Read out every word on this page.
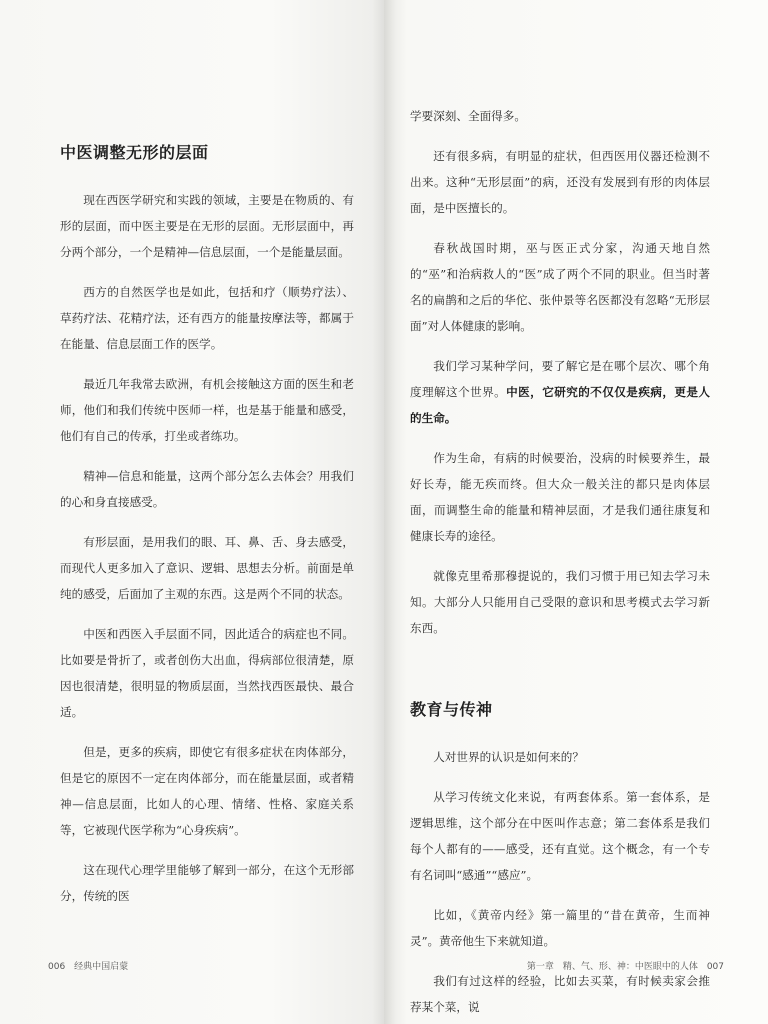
中医调整无形的层面

现在西医学研究和实践的领域，主要是在物质的、有形的层面，而中医主要是在无形的层面。无形层面中，再分两个部分，一个是精神—信息层面，一个是能量层面。

西方的自然医学也是如此，包括和疗（顺势疗法）、草药疗法、花精疗法，还有西方的能量按摩法等，都属于在能量、信息层面工作的医学。

最近几年我常去欧洲，有机会接触这方面的医生和老师，他们和我们传统中医师一样，也是基于能量和感受，他们有自己的传承，打坐或者练功。

精神—信息和能量，这两个部分怎么去体会？用我们的心和身直接感受。

有形层面，是用我们的眼、耳、鼻、舌、身去感受，而现代人更多加入了意识、逻辑、思想去分析。前面是单纯的感受，后面加了主观的东西。这是两个不同的状态。

中医和西医入手层面不同，因此适合的病症也不同。比如要是骨折了，或者创伤大出血，得病部位很清楚，原因也很清楚，很明显的物质层面，当然找西医最快、最合适。

但是，更多的疾病，即使它有很多症状在肉体部分，但是它的原因不一定在肉体部分，而在能量层面，或者精神—信息层面，比如人的心理、情绪、性格、家庭关系等，它被现代医学称为“心身疾病”。

这在现代心理学里能够了解到一部分，在这个无形部分，传统的医

006 经典中国启蒙

学要深刻、全面得多。

还有很多病，有明显的症状，但西医用仪器还检测不出来。这种“无形层面”的病，还没有发展到有形的肉体层面，是中医擅长的。

春秋战国时期，巫与医正式分家，沟通天地自然的“巫”和治病救人的“医”成了两个不同的职业。但当时著名的扁鹊和之后的华佗、张仲景等名医都没有忽略“无形层面”对人体健康的影响。

我们学习某种学问，要了解它是在哪个层次、哪个角度理解这个世界。中医，它研究的不仅仅是疾病，更是人的生命。

作为生命，有病的时候要治，没病的时候要养生，最好长寿，能无疾而终。但大众一般关注的都只是肉体层面，而调整生命的能量和精神层面，才是我们通往康复和健康长寿的途径。

就像克里希那穆提说的，我们习惯于用已知去学习未知。大部分人只能用自己受限的意识和思考模式去学习新东西。

教育与传神

人对世界的认识是如何来的？

从学习传统文化来说，有两套体系。第一套体系，是逻辑思维，这个部分在中医叫作志意；第二套体系是我们每个人都有的——感受，还有直觉。这个概念，有一个专有名词叫“感通”“感应”。

比如，《黄帝内经》第一篇里的“昔在黄帝，生而神灵”。黄帝他生下来就知道。

我们有过这样的经验，比如去买菜，有时候卖家会推荐某个菜，说

第一章　精、气、形、神：中医眼中的人体 007
